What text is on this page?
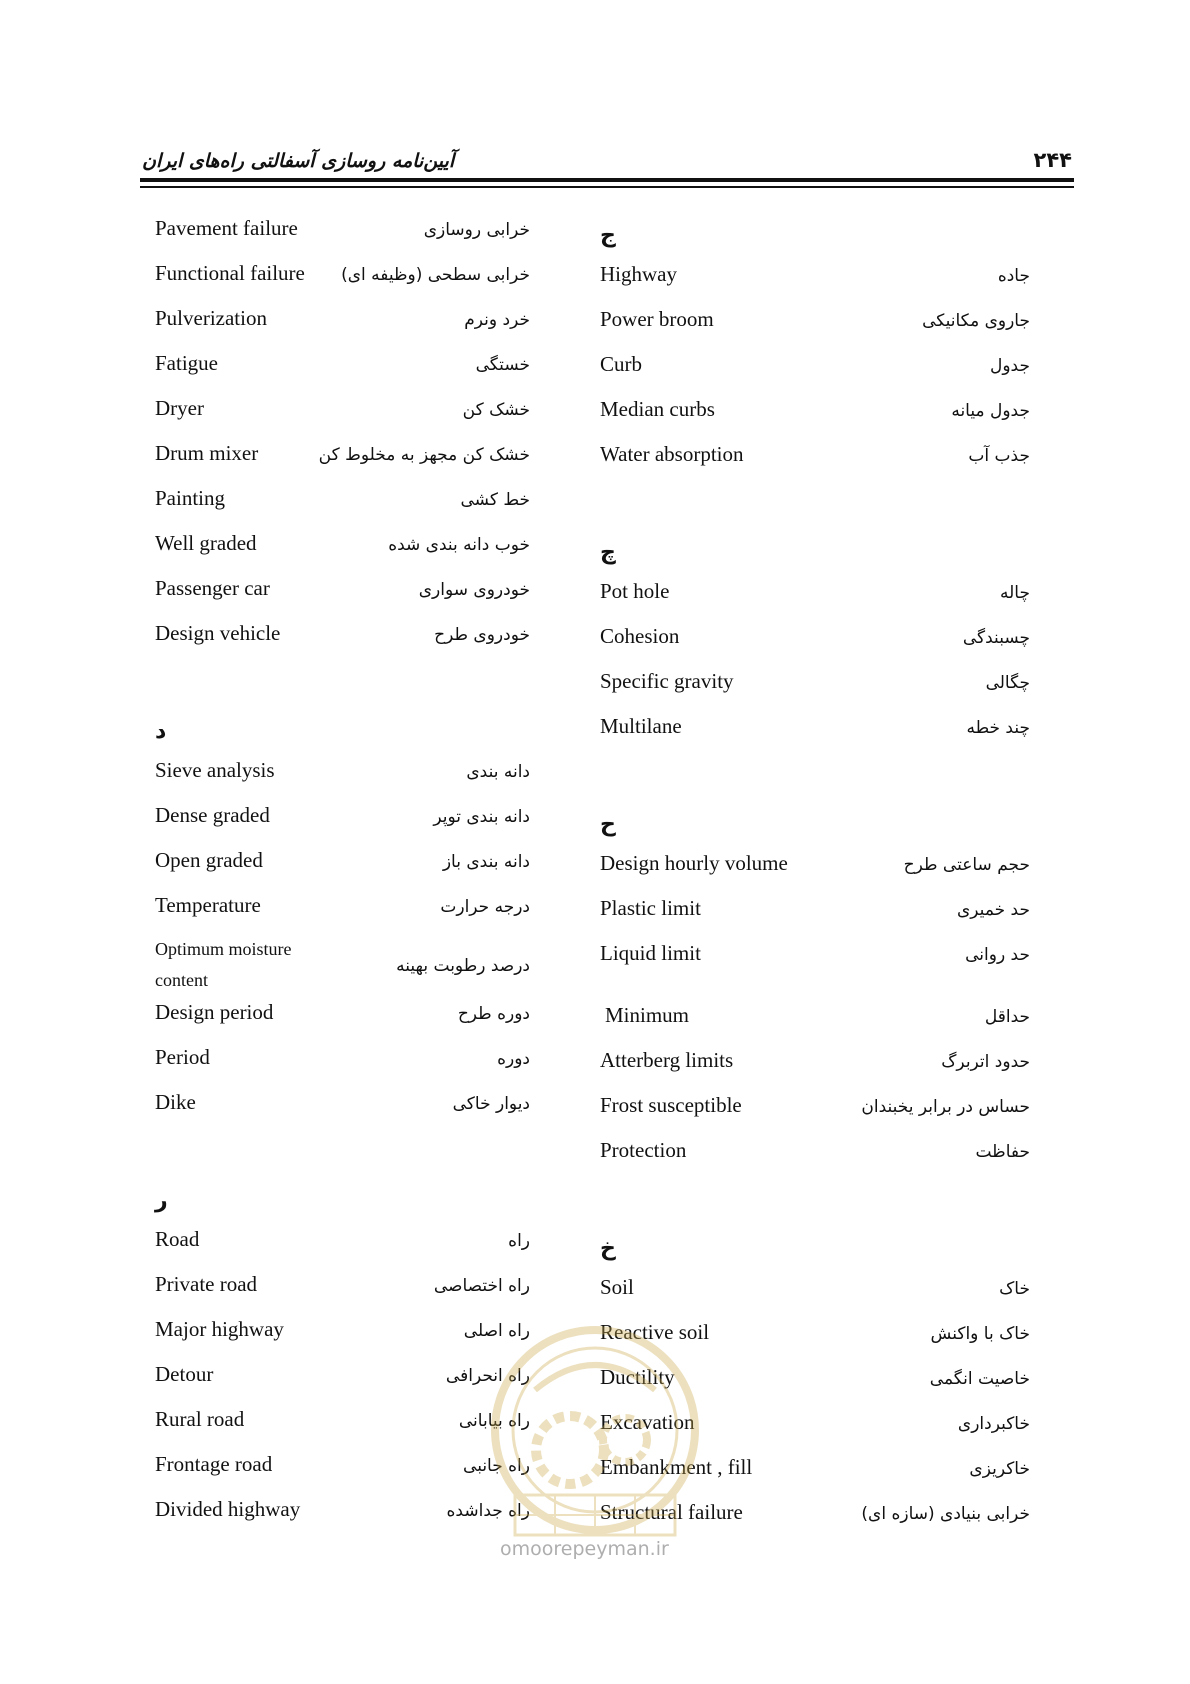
آیین‌نامه روسازی آسفالتی راه‌های ایران	۲۴۴
ج
Highway	جاده
Power broom	جاروی مکانیکی
Curb	جدول
Median curbs	جدول میانه
Water absorption	جذب آب
چ
Pot hole	چاله
Cohesion	چسبندگی
Specific gravity	چگالی
Multilane	چند خطه
ح
Design hourly volume	حجم ساعتی طرح
Plastic limit	حد خمیری
Liquid limit	حد روانی
Minimum	حداقل
Atterberg limits	حدود اتربرگ
Frost susceptible	حساس در برابر یخبندان
Protection	حفاظت
خ
Soil	خاک
Reactive soil	خاک با واکنش
Ductility	خاصیت انگمی
Excavation	خاکبرداری
Embankment , fill	خاکریزی
Structural failure	خرابی بنیادی (سازه ای)
Pavement failure	خرابی روسازی
Functional failure خرابی سطحی (وظیفه ای)
Pulverization	خرد ونرم
Fatigue	خستگی
Dryer	خشک کن
Drum mixer	خشک کن مجهز به مخلوط کن
Painting	خط کشی
Well graded	خوب دانه بندی شده
Passenger car	خودروی سواری
Design vehicle	خودروی طرح
د
Sieve analysis	دانه بندی
Dense graded	دانه بندی توپر
Open graded	دانه بندی باز
Temperature	درجه حرارت
Optimum moisture content
درصد رطوبت بهینه
Design period	دوره طرح
Period	دوره
Dike	دیوار خاکی
ر
Road	راه
Private road	راه اختصاصی
Major highway	راه اصلی
Detour	راه انحرافی
Rural road	راه بیابانی
Frontage road	راه جانبی
Divided highway	راه جداشده
omoorepeyman.ir
